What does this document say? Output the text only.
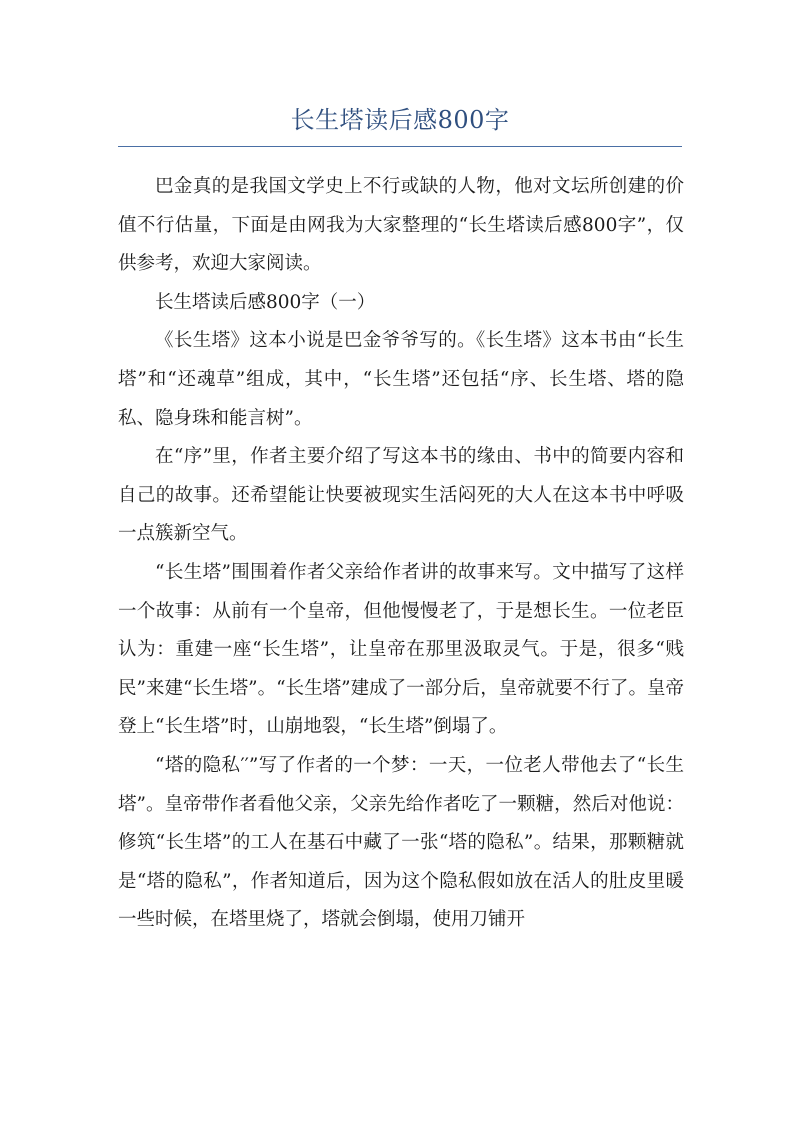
长生塔读后感800字

巴金真的是我国文学史上不行或缺的人物，他对文坛所创建的价值不行估量，下面是由网我为大家整理的“长生塔读后感800字”，仅供参考，欢迎大家阅读。

长生塔读后感800字（一）

《长生塔》这本小说是巴金爷爷写的。《长生塔》这本书由“长生塔”和“还魂草”组成，其中，“长生塔”还包括“序、长生塔、塔的隐私、隐身珠和能言树”。

在“序”里，作者主要介绍了写这本书的缘由、书中的简要内容和自己的故事。还希望能让快要被现实生活闷死的大人在这本书中呼吸一点簇新空气。

“长生塔”围围着作者父亲给作者讲的故事来写。文中描写了这样一个故事：从前有一个皇帝，但他慢慢老了，于是想长生。一位老臣认为：重建一座“长生塔”，让皇帝在那里汲取灵气。于是，很多“贱民”来建“长生塔”。“长生塔”建成了一部分后，皇帝就要不行了。皇帝登上“长生塔”时，山崩地裂，“长生塔”倒塌了。

“塔的隐私′′”写了作者的一个梦：一天，一位老人带他去了“长生塔”。皇帝带作者看他父亲，父亲先给作者吃了一颗糖，然后对他说：修筑“长生塔”的工人在基石中藏了一张“塔的隐私”。结果，那颗糖就是“塔的隐私”，作者知道后，因为这个隐私假如放在活人的肚皮里暖一些时候，在塔里烧了，塔就会倒塌，使用刀铺开
